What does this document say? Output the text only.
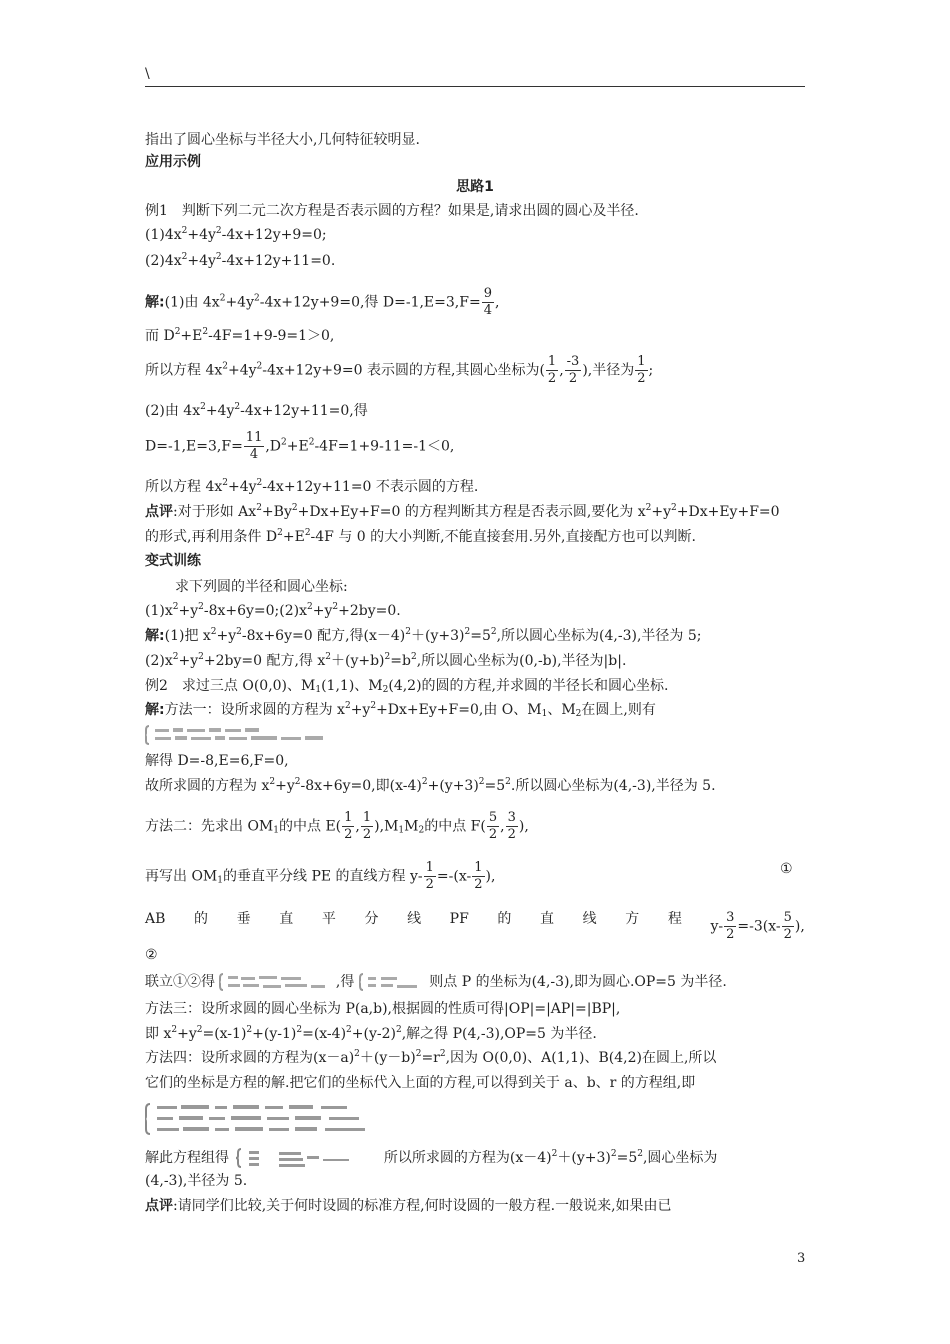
\
指出了圆心坐标与半径大小,几何特征较明显.
应用示例
思路1
例1　判断下列二元二次方程是否表示圆的方程？如果是,请求出圆的圆心及半径.
$(1)4x^2+4y^2-4x+12y+9=0$;
$(2)4x^2+4y^2-4x+12y+11=0$.
解:(1)由 $4x^2+4y^2-4x+12y+9=0$,得 $D=-1,E=3,F= \frac{9}{4}$ ,
而 $D^2+E^2-4F=1+9-9=1>0$,
所以方程 $4x^2+4y^2-4x+12y+9=0$ 表示圆的方程,其圆心坐标为( $\frac{1}{2}$ , $\frac{-3}{2}$ ),半径为 $\frac{1}{2}$ ;
(2)由 $4x^2+4y^2-4x+12y+11=0$,得
$D=-1,E=3,F= \frac{11}{4} ,D^2+E^2-4F=1+9-11=-1<0$,
所以方程 $4x^2+4y^2-4x+12y+11=0$ 不表示圆的方程.
点评:对于形如 $Ax^2+By^2+Dx+Ey+F=0$ 的方程判断其方程是否表示圆,要化为 $x^2+y^2+Dx+Ey+F=0$
的形式,再利用条件 $D^2+E^2-4F$ 与 0 的大小判断,不能直接套用.另外,直接配方也可以判断.
变式训练
求下列圆的半径和圆心坐标:
$(1)x^2+y^2-8x+6y=0;(2)x^2+y^2+2by=0$.
解:(1)把 $x^2+y^2-8x+6y=0$ 配方,得$(x-4)^2+(y+3)^2=5^2$,所以圆心坐标为(4,-3),半径为 5;
$(2)x^2+y^2+2by=0$ 配方,得 $x^2+(y+b)^2=b^2$,所以圆心坐标为(0,-b),半径为|b|.
例2　求过三点 O(0,0)、$M_1(1,1)$、$M_2(4,2)$的圆的方程,并求圆的半径长和圆心坐标.
解:方法一：设所求圆的方程为 $x^2+y^2+Dx+Ey+F=0$,由 O、$M_1$、$M_2$在圆上,则有
解得 D=-8,E=6,F=0,
故所求圆的方程为 $x^2+y^2-8x+6y=0$,即$(x-4)^2+(y+3)^2=5^2$.所以圆心坐标为(4,-3),半径为 5.
方法二：先求出 $OM_1$的中点 $E( \frac{1}{2}$ , $\frac{1}{2} ),M_1M_2$的中点 $F( \frac{5}{2}$ , $\frac{3}{2}$ ),
再写出 $OM_1$的垂直平分线 PE 的直线方程 $y- \frac{1}{2} =-(x- \frac{1}{2}$ ),	①
AB 的 垂 直 平 分 线 PF 的 直 线 方 程 $y- \frac{3}{2} =-3(x- \frac{5}{2}$ ),
②
联立①②得	,得	则点 P 的坐标为(4,-3),即为圆心.OP=5 为半径.
方法三：设所求圆的圆心坐标为 P(a,b),根据圆的性质可得|OP|=|AP|=|BP|,
即 $x^2+y^2=(x-1)^2+(y-1)^2=(x-4)^2+(y-2)^2$,解之得 P(4,-3),OP=5 为半径.
方法四：设所求圆的方程为$(x-a)^2+(y-b)^2=r^2$,因为 O(0,0)、A(1,1)、B(4,2)在圆上,所以
它们的坐标是方程的解.把它们的坐标代入上面的方程,可以得到关于 a、b、r 的方程组,即
解此方程组得	所以所求圆的方程为$(x-4)^2+(y+3)^2=5^2$,圆心坐标为
(4,-3),半径为 5.
点评:请同学们比较,关于何时设圆的标准方程,何时设圆的一般方程.一般说来,如果由已
3
